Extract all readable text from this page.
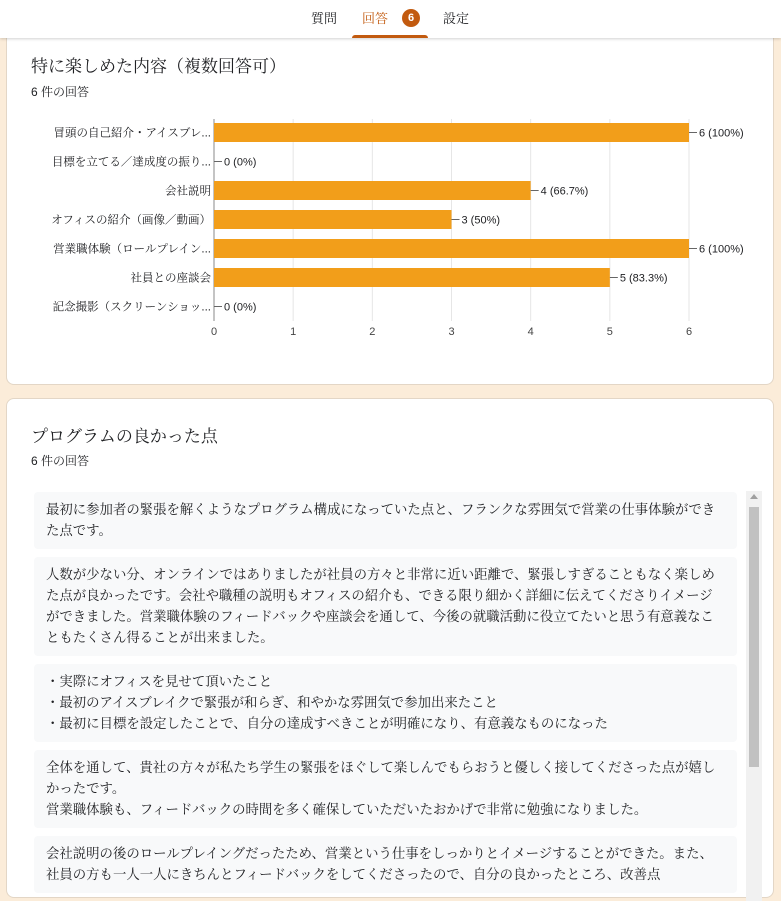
質問	回答	6	設定
特に楽しめた内容（複数回答可）
6 件の回答
0	1	2	3	4	5	6
冒頭の自己紹介・アイスブレ...	6 (100%)
目標を立てる／達成度の振り... 0 (0%)
会社説明	4 (66.7%)
オフィスの紹介（画像／動画）	3 (50%)
営業職体験（ロールプレイン...	6 (100%)
社員との座談会	5 (83.3%)
記念撮影（スクリーンショッ... 0 (0%)
プログラムの良かった点
6 件の回答
最初に参加者の緊張を解くようなプログラム構成になっていた点と、フランクな雰囲気で営業の仕事体験ができた点です。
人数が少ない分、オンラインではありましたが社員の方々と非常に近い距離で、緊張しすぎることもなく楽しめた点が良かったです。会社や職種の説明もオフィスの紹介も、できる限り細かく詳細に伝えてくださりイメージができました。営業職体験のフィードバックや座談会を通して、今後の就職活動に役立てたいと思う有意義なこともたくさん得ることが出来ました。
・実際にオフィスを見せて頂いたこと
・最初のアイスブレイクで緊張が和らぎ、和やかな雰囲気で参加出来たこと
・最初に目標を設定したことで、自分の達成すべきことが明確になり、有意義なものになった
全体を通して、貴社の方々が私たち学生の緊張をほぐして楽しんでもらおうと優しく接してくださった点が嬉しかったです。
営業職体験も、フィードバックの時間を多く確保していただいたおかげで非常に勉強になりました。
会社説明の後のロールプレイングだったため、営業という仕事をしっかりとイメージすることができた。また、社員の方も一人一人にきちんとフィードバックをしてくださったので、自分の良かったところ、改善点
